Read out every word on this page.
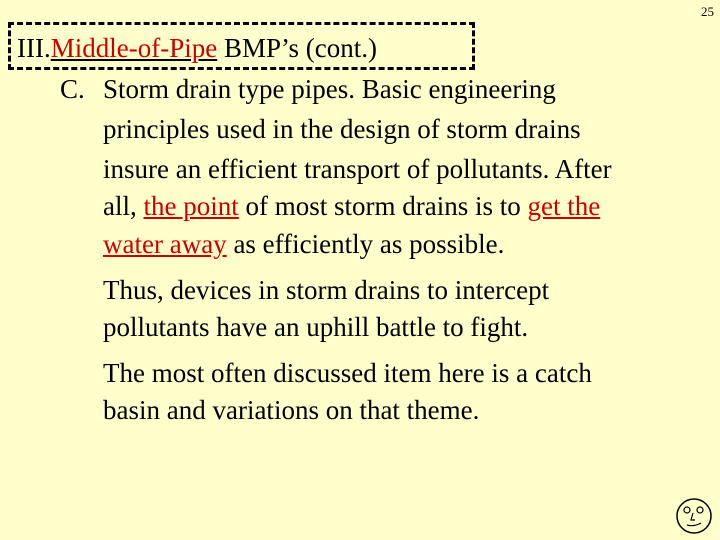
25
III.Middle-of-Pipe BMP’s (cont.)
C. Storm drain type pipes. Basic engineering
principles used in the design of storm drains
insure an efficient transport of pollutants. After
all, the point of most storm drains is to get the
water away as efficiently as possible.
Thus, devices in storm drains to intercept
pollutants have an uphill battle to fight.
The most often discussed item here is a catch
basin and variations on that theme.
